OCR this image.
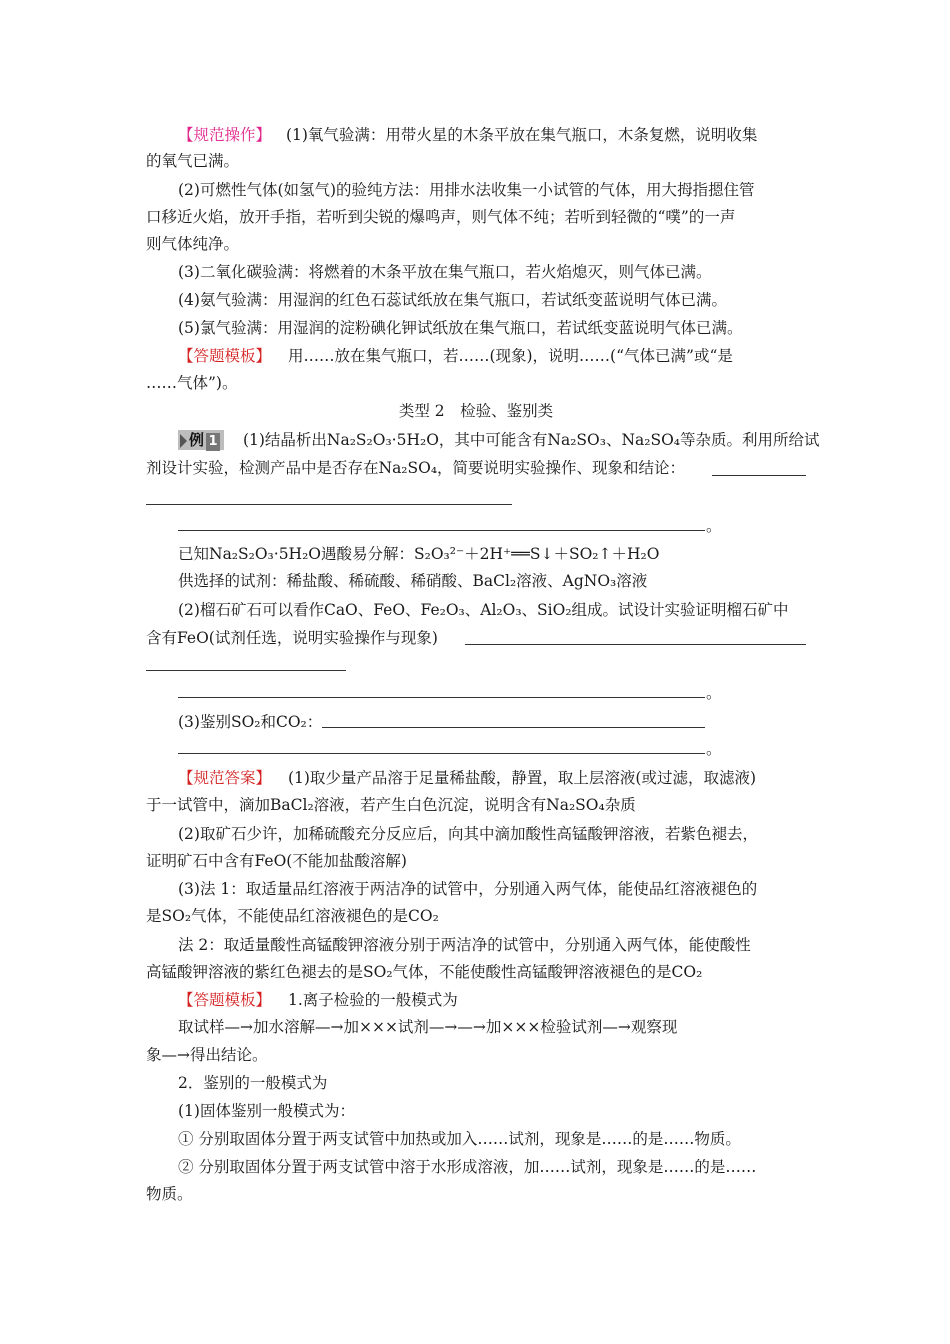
【规范操作】 (1)氧气验满：用带火星的木条平放在集气瓶口，木条复燃，说明收集
的氧气已满。
(2)可燃性气体(如氢气)的验纯方法：用排水法收集一小试管的气体，用大拇指摁住管
口移近火焰，放开手指，若听到尖锐的爆鸣声，则气体不纯；若听到轻微的“噗”的一声
则气体纯净。
(3)二氧化碳验满：将燃着的木条平放在集气瓶口，若火焰熄灭，则气体已满。
(4)氨气验满：用湿润的红色石蕊试纸放在集气瓶口，若试纸变蓝说明气体已满。
(5)氯气验满：用湿润的淀粉碘化钾试纸放在集气瓶口，若试纸变蓝说明气体已满。
【答题模板】 用……放在集气瓶口，若……(现象)，说明……(“气体已满”或“是
……气体”)。
类型 2　检验、鉴别类
例 1 (1)结晶析出Na₂S₂O₃·5H₂O，其中可能含有Na₂SO₃、Na₂SO₄等杂质。利用所给试
剂设计实验，检测产品中是否存在Na₂SO₄，简要说明实验操作、现象和结论：
。
已知Na₂S₂O₃·5H₂O遇酸易分解：S₂O₃²⁻＋2H⁺══S↓＋SO₂↑＋H₂O
供选择的试剂：稀盐酸、稀硫酸、稀硝酸、BaCl₂溶液、AgNO₃溶液
(2)榴石矿石可以看作CaO、FeO、Fe₂O₃、Al₂O₃、SiO₂组成。试设计实验证明榴石矿中
含有FeO(试剂任选，说明实验操作与现象)
。
(3)鉴别SO₂和CO₂：
。
【规范答案】 (1)取少量产品溶于足量稀盐酸，静置，取上层溶液(或过滤，取滤液)
于一试管中，滴加BaCl₂溶液，若产生白色沉淀，说明含有Na₂SO₄杂质
(2)取矿石少许，加稀硫酸充分反应后，向其中滴加酸性高锰酸钾溶液，若紫色褪去，
证明矿石中含有FeO(不能加盐酸溶解)
(3)法 1：取适量品红溶液于两洁净的试管中，分别通入两气体，能使品红溶液褪色的
是SO₂气体，不能使品红溶液褪色的是CO₂
法 2：取适量酸性高锰酸钾溶液分别于两洁净的试管中，分别通入两气体，能使酸性
高锰酸钾溶液的紫红色褪去的是SO₂气体，不能使酸性高锰酸钾溶液褪色的是CO₂
【答题模板】 1.离子检验的一般模式为
取试样—→加水溶解—→加×××试剂—→—→加×××检验试剂—→观察现
象—→得出结论。
2．鉴别的一般模式为
(1)固体鉴别一般模式为：
① 分别取固体分置于两支试管中加热或加入……试剂，现象是……的是……物质。
② 分别取固体分置于两支试管中溶于水形成溶液，加……试剂，现象是……的是……
物质。
